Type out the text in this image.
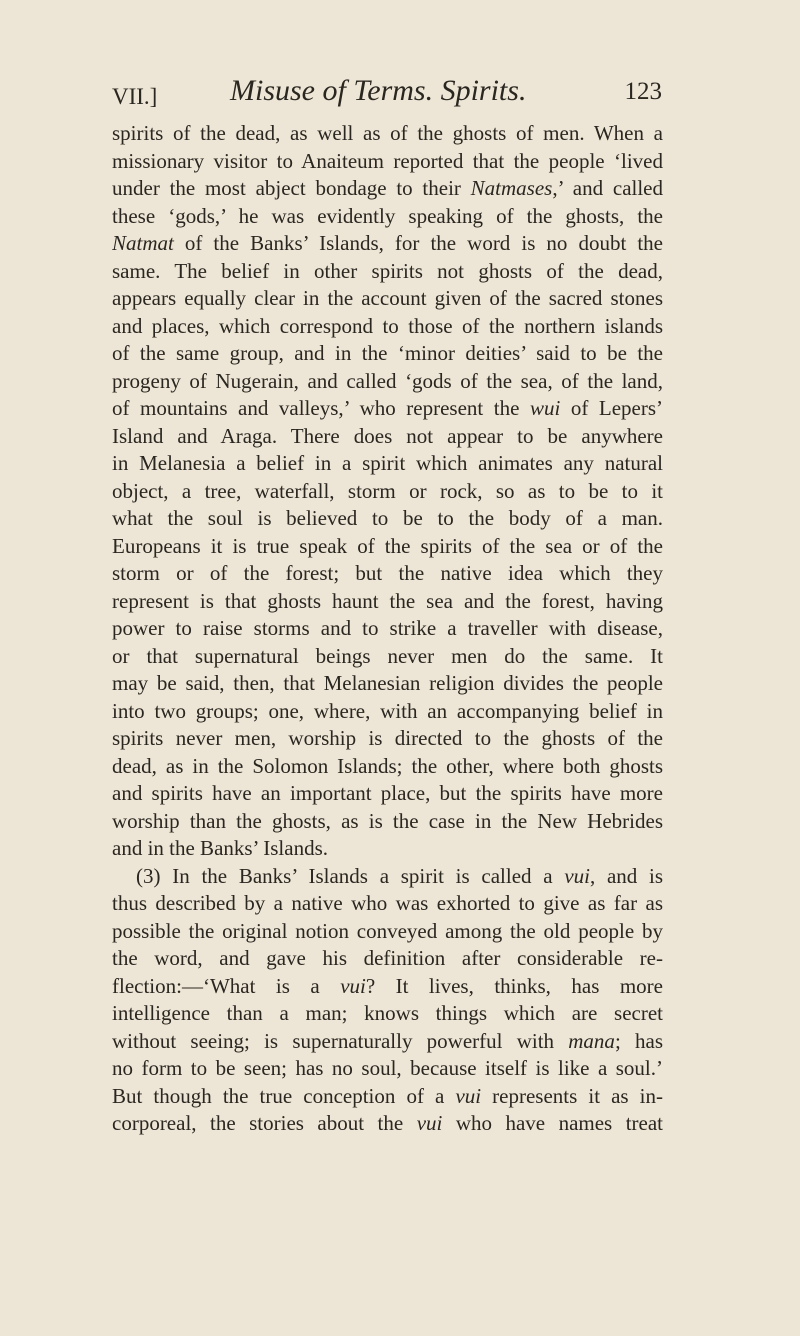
VII.] Misuse of Terms. Spirits.	123
spirits of the dead, as well as of the ghosts of men. When a
missionary visitor to Anaiteum reported that the people ‘lived
under the most abject bondage to their Natmases,’ and called
these ‘gods,’ he was evidently speaking of the ghosts, the
Natmat of the Banks’ Islands, for the word is no doubt the
same. The belief in other spirits not ghosts of the dead,
appears equally clear in the account given of the sacred stones
and places, which correspond to those of the northern islands
of the same group, and in the ‘minor deities’ said to be the
progeny of Nugerain, and called ‘gods of the sea, of the land,
of mountains and valleys,’ who represent the wui of Lepers’
Island and Araga. There does not appear to be anywhere
in Melanesia a belief in a spirit which animates any natural
object, a tree, waterfall, storm or rock, so as to be to it
what the soul is believed to be to the body of a man.
Europeans it is true speak of the spirits of the sea or of the
storm or of the forest; but the native idea which they
represent is that ghosts haunt the sea and the forest, having
power to raise storms and to strike a traveller with disease,
or that supernatural beings never men do the same. It
may be said, then, that Melanesian religion divides the people
into two groups; one, where, with an accompanying belief in
spirits never men, worship is directed to the ghosts of the
dead, as in the Solomon Islands; the other, where both ghosts
and spirits have an important place, but the spirits have more
worship than the ghosts, as is the case in the New Hebrides
and in the Banks’ Islands.
(3) In the Banks’ Islands a spirit is called a vui, and is
thus described by a native who was exhorted to give as far as
possible the original notion conveyed among the old people by
the word, and gave his definition after considerable re-
flection:—‘What is a vui? It lives, thinks, has more
intelligence than a man; knows things which are secret
without seeing; is supernaturally powerful with mana; has
no form to be seen; has no soul, because itself is like a soul.’
But though the true conception of a vui represents it as in-
corporeal, the stories about the vui who have names treat
